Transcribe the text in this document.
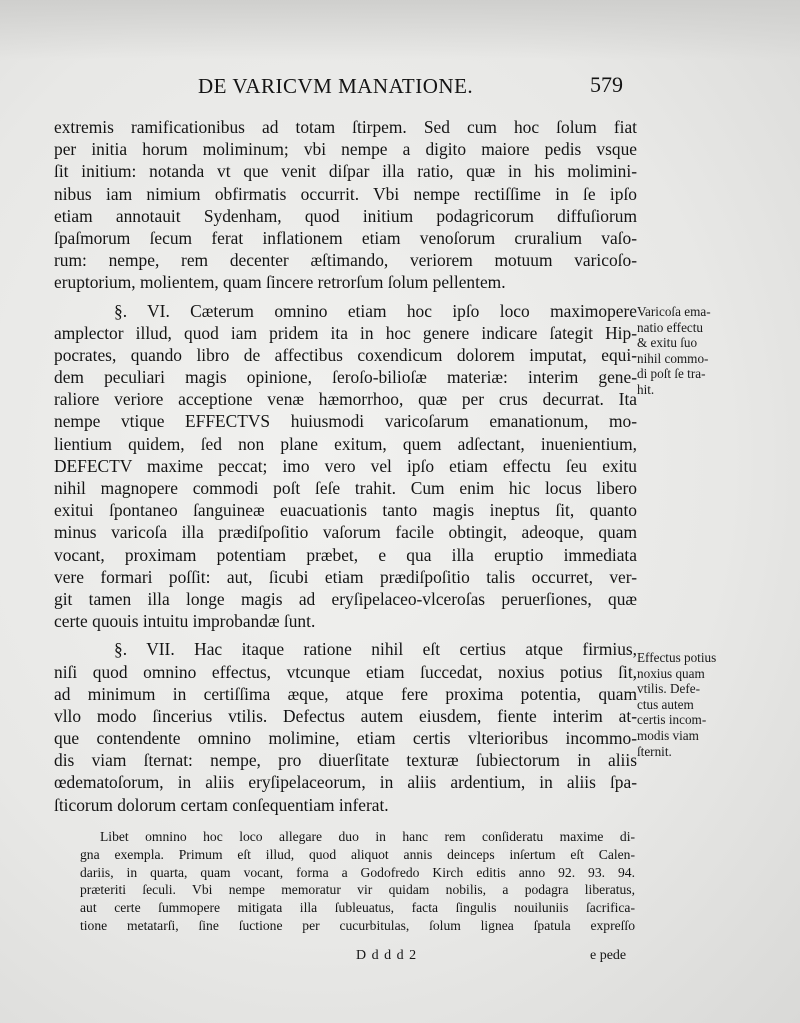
DE VARICVM MANATIONE.	579
extremis ramificationibus ad totam ſtirpem. Sed cum hoc ſolum fiat
per initia horum moliminum; vbi nempe a digito maiore pedis vsque
ſit initium: notanda vt que venit diſpar illa ratio, quæ in his molimini-
nibus iam nimium obfirmatis occurrit. Vbi nempe rectiſſime in ſe ipſo
etiam annotauit Sydenham, quod initium podagricorum diffuſiorum
ſpaſmorum ſecum ferat inflationem etiam venoſorum cruralium vaſo-
rum: nempe, rem decenter æſtimando, veriorem motuum varicoſo-
eruptorium, molientem, quam ſincere retrorſum ſolum pellentem.
§. VI. Cæterum omnino etiam hoc ipſo loco maximopere
amplector illud, quod iam pridem ita in hoc genere indicare ſategit Hip-
pocrates, quando libro de affectibus coxendicum dolorem imputat, equi-
dem peculiari magis opinione, ſeroſo-bilioſæ materiæ: interim gene-
raliore veriore acceptione venæ hæmorrhoo, quæ per crus decurrat. Ita
nempe vtique EFFECTVS huiusmodi varicoſarum emanationum, mo-
lientium quidem, ſed non plane exitum, quem adſectant, inuenientium,
DEFECTV maxime peccat; imo vero vel ipſo etiam effectu ſeu exitu
nihil magnopere commodi poſt ſeſe trahit. Cum enim hic locus libero
exitui ſpontaneo ſanguineæ euacuationis tanto magis ineptus ſit, quanto
minus varicoſa illa prædiſpoſitio vaſorum facile obtingit, adeoque, quam
vocant, proximam potentiam præbet, e qua illa eruptio immediata
vere formari poſſit: aut, ſicubi etiam prædiſpoſitio talis occurret, ver-
git tamen illa longe magis ad eryſipelaceo-vlceroſas peruerſiones, quæ
certe quouis intuitu improbandæ ſunt.
§. VII. Hac itaque ratione nihil eſt certius atque firmius,
niſi quod omnino effectus, vtcunque etiam ſuccedat, noxius potius ſit,
ad minimum in certiſſima æque, atque fere proxima potentia, quam
vllo modo ſincerius vtilis. Defectus autem eiusdem, fiente interim at-
que contendente omnino molimine, etiam certis vlterioribus incommo-
dis viam ſternat: nempe, pro diuerſitate texturæ ſubiectorum in aliis
œdematoſorum, in aliis eryſipelaceorum, in aliis ardentium, in aliis ſpa-
ſticorum dolorum certam conſequentiam inferat.
Libet omnino hoc loco allegare duo in hanc rem conſideratu maxime di-
gna exempla. Primum eſt illud, quod aliquot annis deinceps inſertum eſt Calen-
dariis, in quarta, quam vocant, forma a Godofredo Kirch editis anno 92. 93. 94.
præteriti ſeculi. Vbi nempe memoratur vir quidam nobilis, a podagra liberatus,
aut certe ſummopere mitigata illa ſubleuatus, facta ſingulis nouiluniis ſacrifica-
tione metatarſi, ſine ſuctione per cucurbitulas, ſolum lignea ſpatula expreſſo
Varicoſa ema-
natio effectu
& exitu ſuo
nihil commo-
di poſt ſe tra-
hit.
Effectus potius
noxius quam
vtilis. Defe-
ctus autem
certis incom-
modis viam
ſternit.
D d d d 2	e pede
